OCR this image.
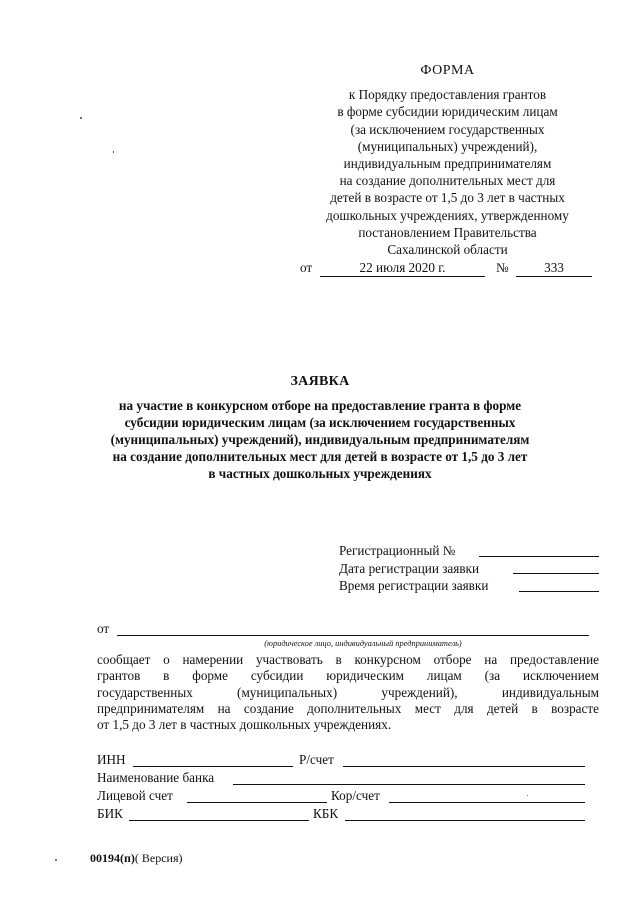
ФОРМА
к Порядку предоставления грантов
в форме субсидии юридическим лицам
(за исключением государственных
(муниципальных) учреждений),
индивидуальным предпринимателям
на создание дополнительных мест для
детей в возрасте от 1,5 до 3 лет в частных
дошкольных учреждениях, утвержденному
постановлением Правительства
Сахалинской области
от	22 июля 2020 г.	№	333
ЗАЯВКА
на участие в конкурсном отборе на предоставление гранта в форме
субсидии юридическим лицам (за исключением государственных
(муниципальных) учреждений), индивидуальным предпринимателям
на создание дополнительных мест для детей в возрасте от 1,5 до 3 лет
в частных дошкольных учреждениях
Регистрационный №
Дата регистрации заявки
Время регистрации заявки
от
(юридическое лицо, индивидуальный предприниматель)
сообщает о намерении участвовать в конкурсном отборе на предоставление
грантов в форме субсидии юридическим лицам (за исключением
государственных (муниципальных) учреждений), индивидуальным
предпринимателям на создание дополнительных мест для детей в возрасте
от 1,5 до 3 лет в частных дошкольных учреждениях.
ИНН	Р/счет
Наименование банка
Лицевой счет	Кор/счет
БИК	КБК
00194(п)( Версия)
